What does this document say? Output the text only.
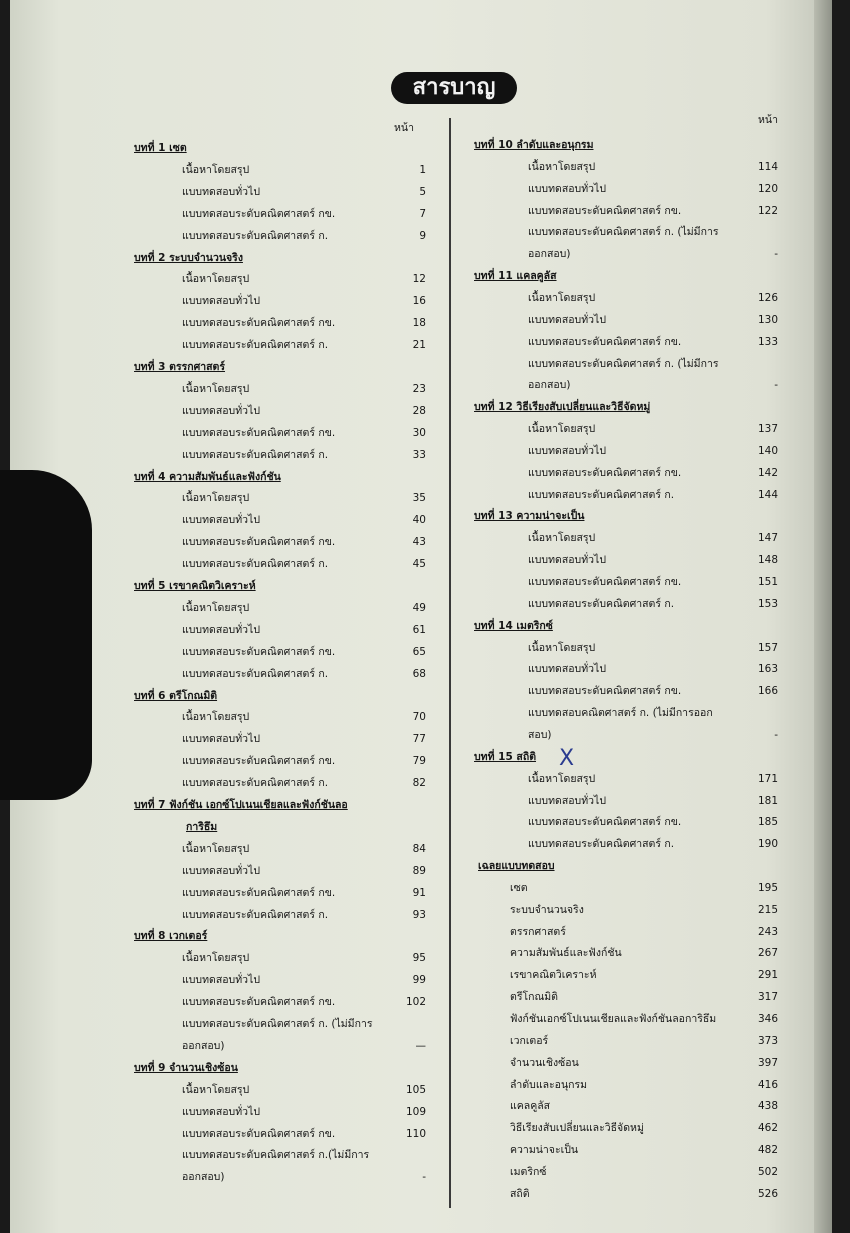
สารบาญ
หน้า
หน้า
บทที่ 1 เซต
เนื้อหาโดยสรุป	1
แบบทดสอบทั่วไป	5
แบบทดสอบระดับคณิตศาสตร์ กข.	7
แบบทดสอบระดับคณิตศาสตร์ ก.	9
บทที่ 2 ระบบจำนวนจริง
เนื้อหาโดยสรุป	12
แบบทดสอบทั่วไป	16
แบบทดสอบระดับคณิตศาสตร์ กข.	18
แบบทดสอบระดับคณิตศาสตร์ ก.	21
บทที่ 3 ตรรกศาสตร์
เนื้อหาโดยสรุป	23
แบบทดสอบทั่วไป	28
แบบทดสอบระดับคณิตศาสตร์ กข.	30
แบบทดสอบระดับคณิตศาสตร์ ก.	33
บทที่ 4 ความสัมพันธ์และฟังก์ชัน
เนื้อหาโดยสรุป	35
แบบทดสอบทั่วไป	40
แบบทดสอบระดับคณิตศาสตร์ กข.	43
แบบทดสอบระดับคณิตศาสตร์ ก.	45
บทที่ 5 เรขาคณิตวิเคราะห์
เนื้อหาโดยสรุป	49
แบบทดสอบทั่วไป	61
แบบทดสอบระดับคณิตศาสตร์ กข.	65
แบบทดสอบระดับคณิตศาสตร์ ก.	68
บทที่ 6 ตรีโกณมิติ
เนื้อหาโดยสรุป	70
แบบทดสอบทั่วไป	77
แบบทดสอบระดับคณิตศาสตร์ กข.	79
แบบทดสอบระดับคณิตศาสตร์ ก.	82
บทที่ 7 ฟังก์ชัน เอกซ์โปเนนเชียลและฟังก์ชันลอ
การิธึม
เนื้อหาโดยสรุป	84
แบบทดสอบทั่วไป	89
แบบทดสอบระดับคณิตศาสตร์ กข.	91
แบบทดสอบระดับคณิตศาสตร์ ก.	93
บทที่ 8 เวกเตอร์
เนื้อหาโดยสรุป	95
แบบทดสอบทั่วไป	99
แบบทดสอบระดับคณิตศาสตร์ กข.	102
แบบทดสอบระดับคณิตศาสตร์ ก. (ไม่มีการ
ออกสอบ)	—
บทที่ 9 จำนวนเชิงซ้อน
เนื้อหาโดยสรุป	105
แบบทดสอบทั่วไป	109
แบบทดสอบระดับคณิตศาสตร์ กข.	110
แบบทดสอบระดับคณิตศาสตร์ ก.(ไม่มีการ
ออกสอบ)	-
บทที่ 10 ลำดับและอนุกรม
เนื้อหาโดยสรุป	114
แบบทดสอบทั่วไป	120
แบบทดสอบระดับคณิตศาสตร์ กข.	122
แบบทดสอบระดับคณิตศาสตร์ ก. (ไม่มีการ
ออกสอบ)	-
บทที่ 11 แคลคูลัส
เนื้อหาโดยสรุป	126
แบบทดสอบทั่วไป	130
แบบทดสอบระดับคณิตศาสตร์ กข.	133
แบบทดสอบระดับคณิตศาสตร์ ก. (ไม่มีการ
ออกสอบ)	-
บทที่ 12 วิธีเรียงสับเปลี่ยนและวิธีจัดหมู่
เนื้อหาโดยสรุป	137
แบบทดสอบทั่วไป	140
แบบทดสอบระดับคณิตศาสตร์ กข.	142
แบบทดสอบระดับคณิตศาสตร์ ก.	144
บทที่ 13 ความน่าจะเป็น
เนื้อหาโดยสรุป	147
แบบทดสอบทั่วไป	148
แบบทดสอบระดับคณิตศาสตร์ กข.	151
แบบทดสอบระดับคณิตศาสตร์ ก.	153
บทที่ 14 เมตริกซ์
เนื้อหาโดยสรุป	157
แบบทดสอบทั่วไป	163
แบบทดสอบระดับคณิตศาสตร์ กข.	166
แบบทดสอบคณิตศาสตร์ ก. (ไม่มีการออก
สอบ)	-
บทที่ 15 สถิติ
เนื้อหาโดยสรุป	171
แบบทดสอบทั่วไป	181
แบบทดสอบระดับคณิตศาสตร์ กข.	185
แบบทดสอบระดับคณิตศาสตร์ ก.	190
เฉลยแบบทดสอบ
เซต	195
ระบบจำนวนจริง	215
ตรรกศาสตร์	243
ความสัมพันธ์และฟังก์ชัน	267
เรขาคณิตวิเคราะห์	291
ตรีโกณมิติ	317
ฟังก์ชันเอกซ์โปเนนเชียลและฟังก์ชันลอการิธึม	346
เวกเตอร์	373
จำนวนเชิงซ้อน	397
ลำดับและอนุกรม	416
แคลคูลัส	438
วิธีเรียงสับเปลี่ยนและวิธีจัดหมู่	462
ความน่าจะเป็น	482
เมตริกซ์	502
สถิติ	526
X
